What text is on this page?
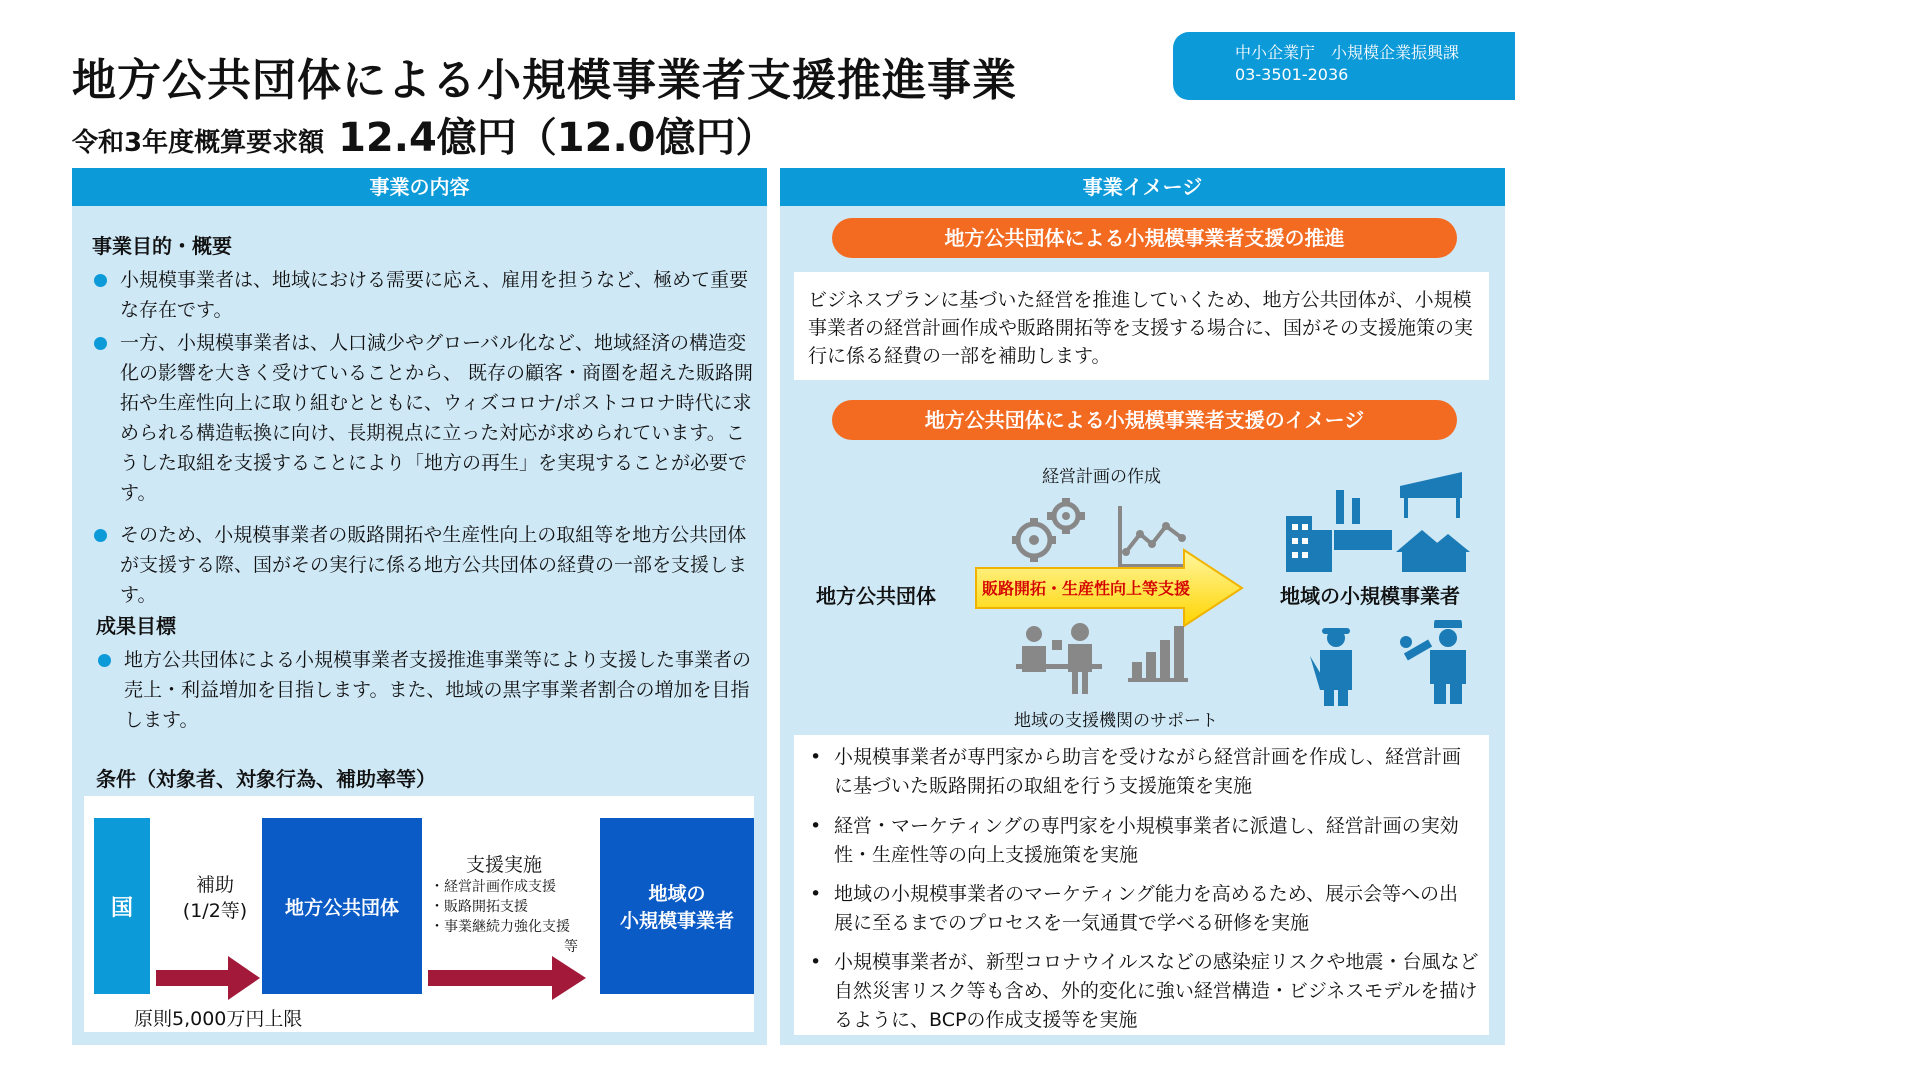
地方公共団体による小規模事業者支援推進事業
令和3年度概算要求額 12.4億円（12.0億円）
中小企業庁　小規模企業振興課
03-3501-2036
事業の内容
事業目的・概要
小規模事業者は、地域における需要に応え、雇用を担うなど、極めて重要な存在です。
一方、小規模事業者は、人口減少やグローバル化など、地域経済の構造変化の影響を大きく受けていることから、 既存の顧客・商圏を超えた販路開拓や生産性向上に取り組むとともに、ウィズコロナ/ポストコロナ時代に求められる構造転換に向け、長期視点に立った対応が求められています。こうした取組を支援することにより「地方の再生」を実現することが必要です。
そのため、小規模事業者の販路開拓や生産性向上の取組等を地方公共団体が支援する際、国がその実行に係る地方公共団体の経費の一部を支援します。
成果目標
地方公共団体による小規模事業者支援推進事業等により支援した事業者の売上・利益増加を目指します。また、地域の黒字事業者割合の増加を目指します。
条件（対象者、対象行為、補助率等）
国
補助
(1/2等)	地方公共団体
支援実施
・経営計画作成支援
・販路開拓支援
・事業継続力強化支援
等
地域の
小規模事業者
原則5,000万円上限
事業イメージ
地方公共団体による小規模事業者支援の推進
ビジネスプランに基づいた経営を推進していくため、地方公共団体が、小規模事業者の経営計画作成や販路開拓等を支援する場合に、国がその支援施策の実行に係る経費の一部を補助します。
地方公共団体による小規模事業者支援のイメージ
経営計画の作成
地方公共団体	販路開拓・生産性向上等支援	地域の小規模事業者
地域の支援機関のサポート
• 小規模事業者が専門家から助言を受けながら経営計画を作成し、経営計画に基づいた販路開拓の取組を行う支援施策を実施
• 経営・マーケティングの専門家を小規模事業者に派遣し、経営計画の実効性・生産性等の向上支援施策を実施
• 地域の小規模事業者のマーケティング能力を高めるため、展示会等への出展に至るまでのプロセスを一気通貫で学べる研修を実施
• 小規模事業者が、新型コロナウイルスなどの感染症リスクや地震・台風など自然災害リスク等も含め、外的変化に強い経営構造・ビジネスモデルを描けるように、BCPの作成支援等を実施
